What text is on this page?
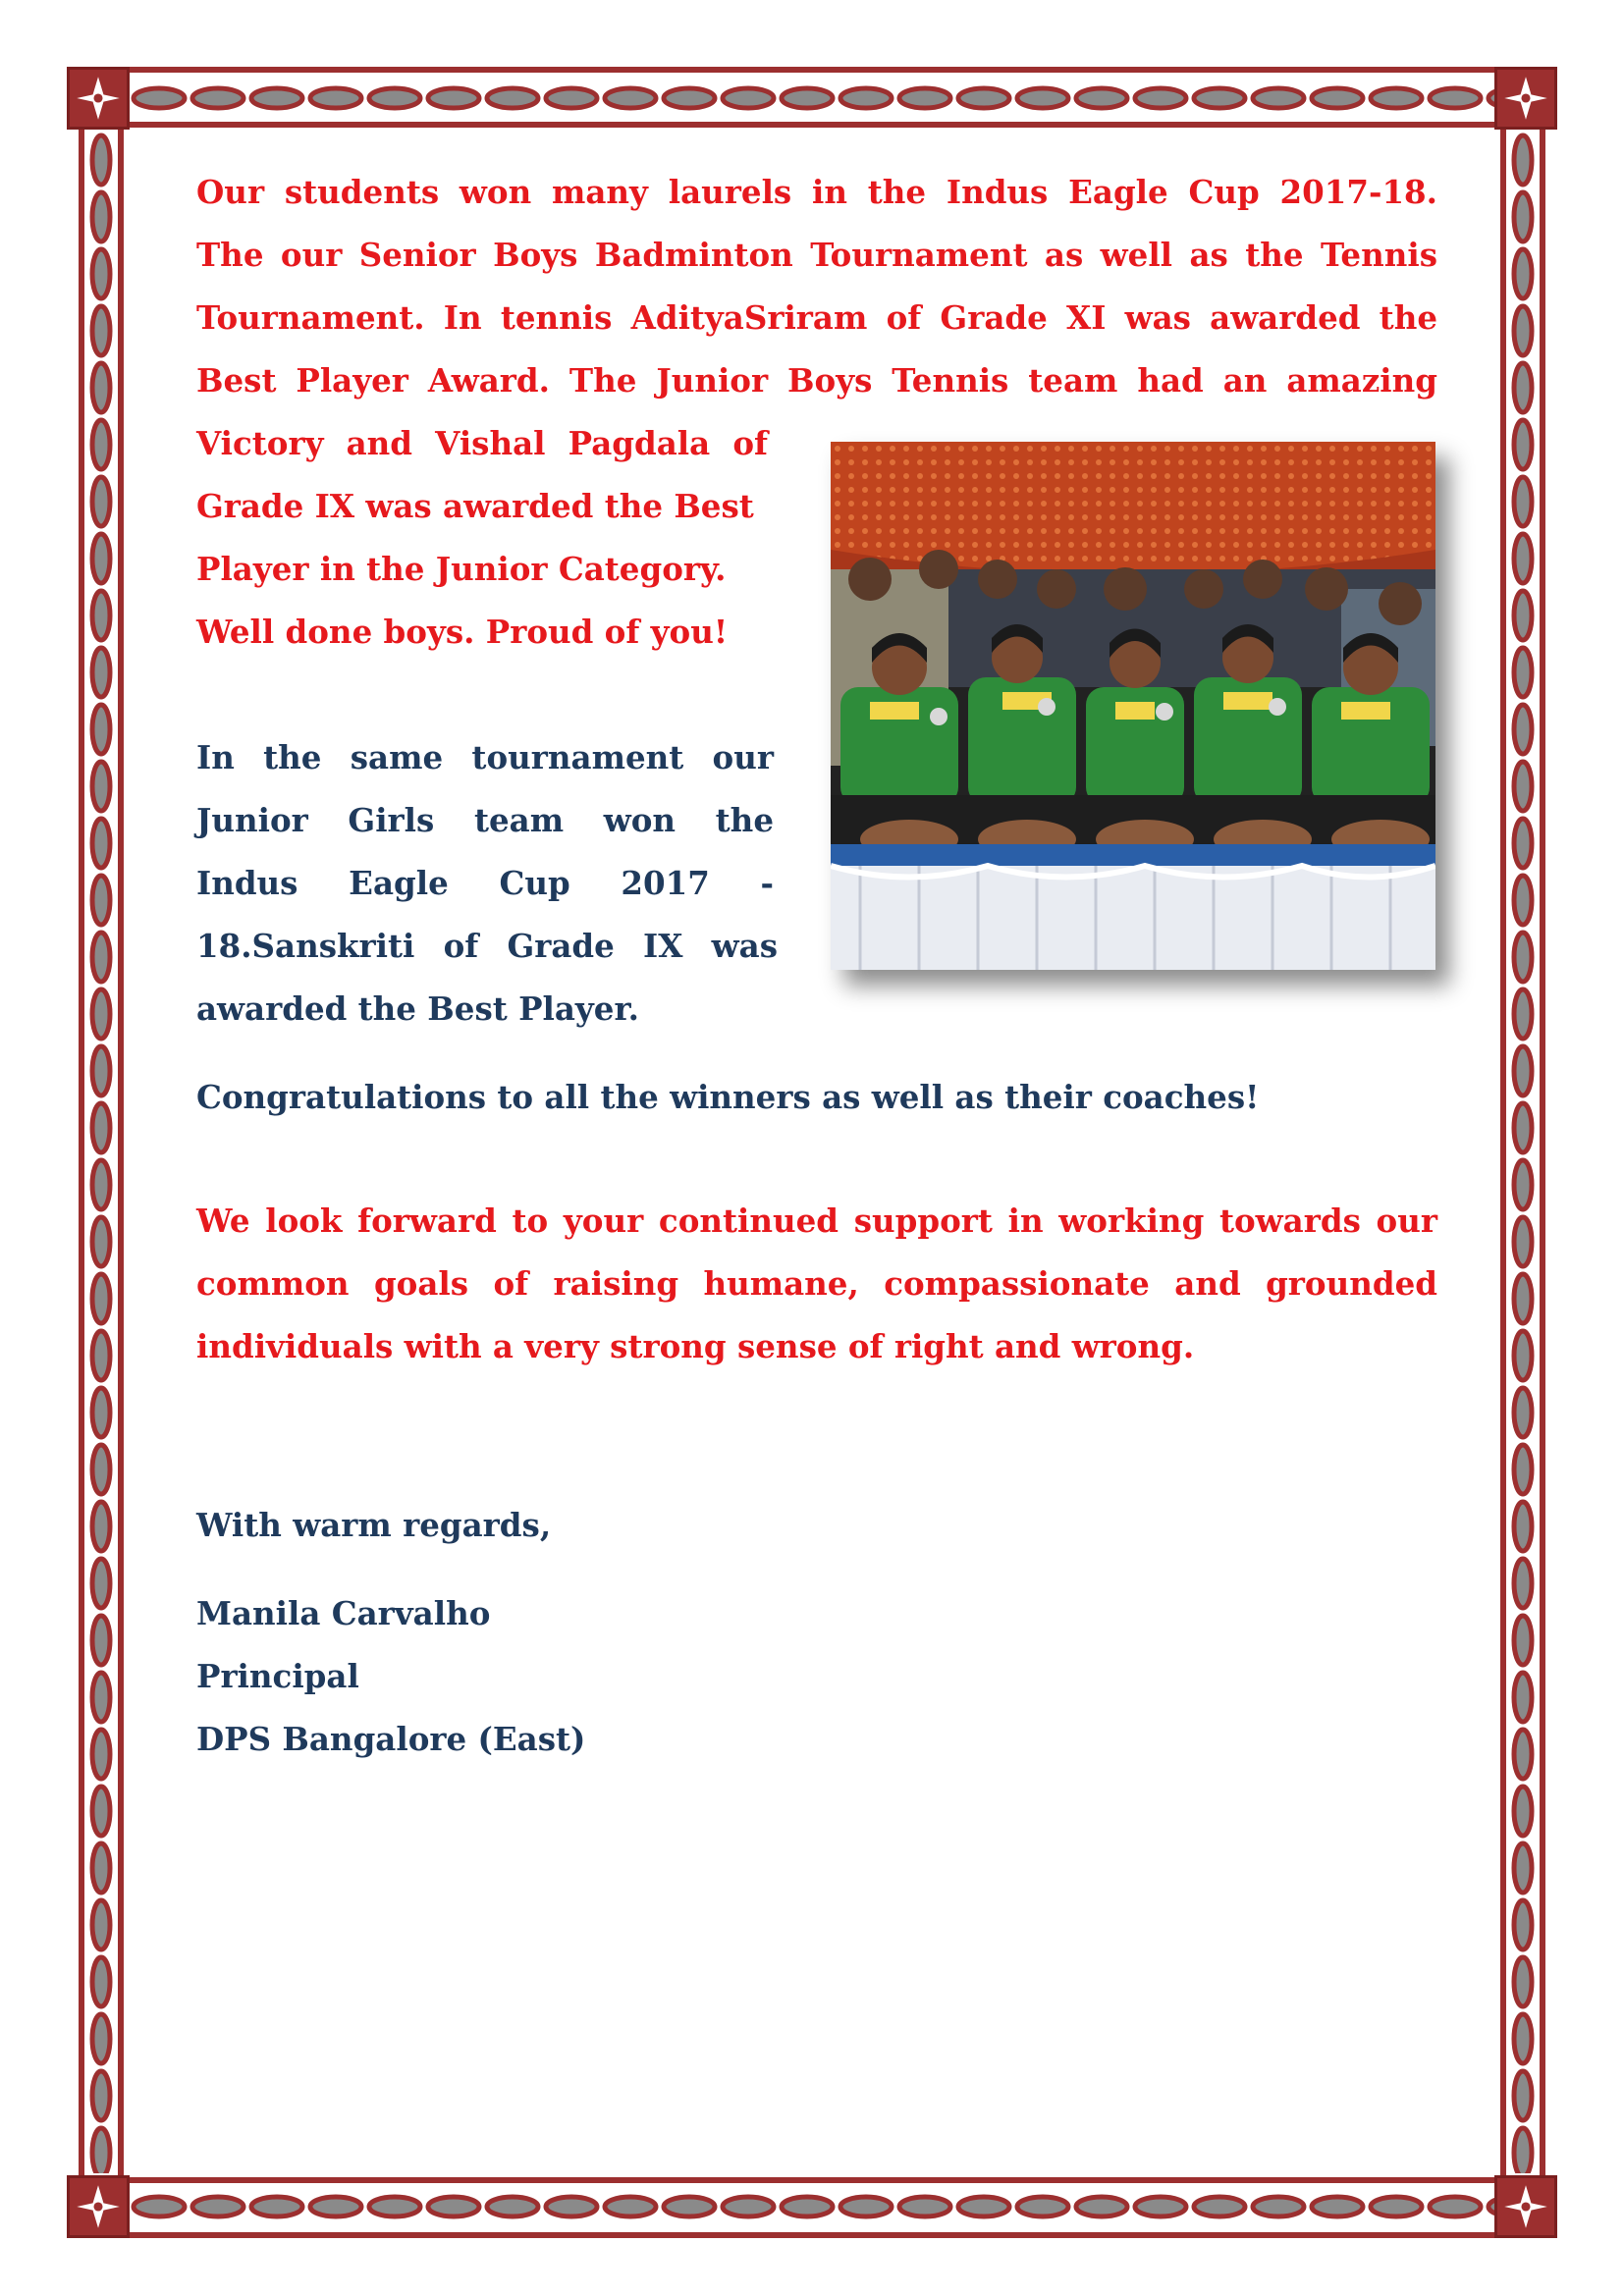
Our students won many laurels in the Indus Eagle Cup 2017-18.

The our Senior Boys Badminton Tournament as well as the Tennis

Tournament. In tennis AdityaSriram of Grade XI was awarded the

Best Player Award. The Junior Boys Tennis team had an amazing

Victory and Vishal Pagdala of

Grade IX was awarded the Best

Player in the Junior Category.

Well done boys. Proud of you!

In the same tournament our

Junior Girls team won the

Indus Eagle Cup 2017 -

18.Sanskriti of Grade IX was

awarded the Best Player.

Congratulations to all the winners as well as their coaches!

We look forward to your continued support in working towards our common goals of raising humane, compassionate and grounded individuals with a very strong sense of right and wrong.

With warm regards,

Manila Carvalho

Principal

DPS Bangalore (East)
